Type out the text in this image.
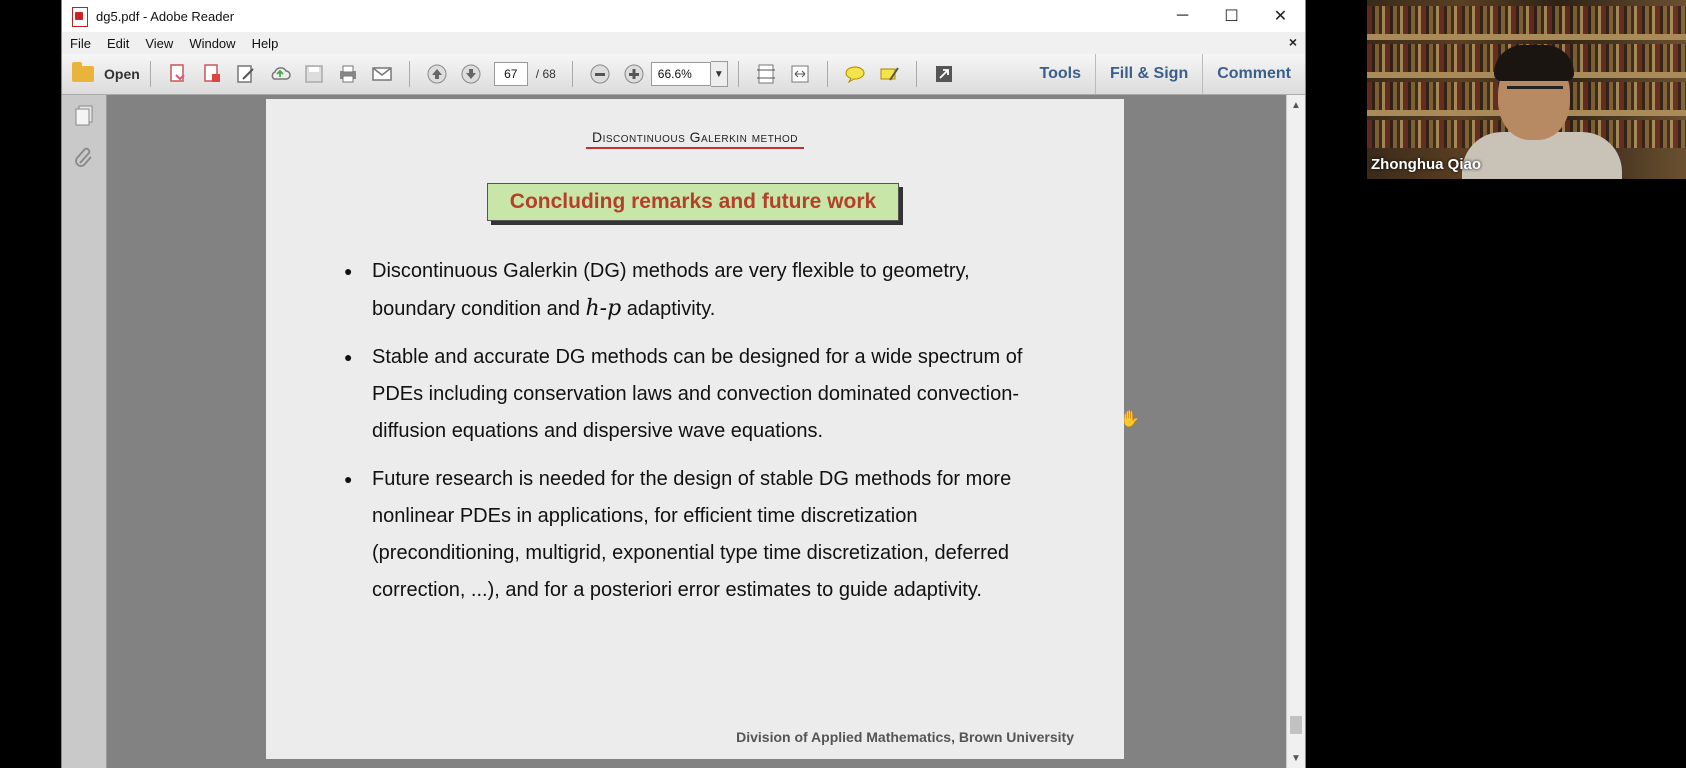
dg5.pdf - Adobe Reader	─	☐	✕
File	Edit	View	Window	Help	×
Open	67	/ 68	66.6%	▼	Tools	Fill & Sign	Comment
Discontinuous Galerkin method
Concluding remarks and future work
● Discontinuous Galerkin (DG) methods are very flexible to geometry, boundary condition and h-p adaptivity.
● Stable and accurate DG methods can be designed for a wide spectrum of PDEs including conservation laws and convection dominated convection-diffusion equations and dispersive wave equations.
● Future research is needed for the design of stable DG methods for more nonlinear PDEs in applications, for efficient time discretization (preconditioning, multigrid, exponential type time discretization, deferred correction, ...), and for a posteriori error estimates to guide adaptivity.
Division of Applied Mathematics, Brown University
✋
▲
▼
Zhonghua Qiao
